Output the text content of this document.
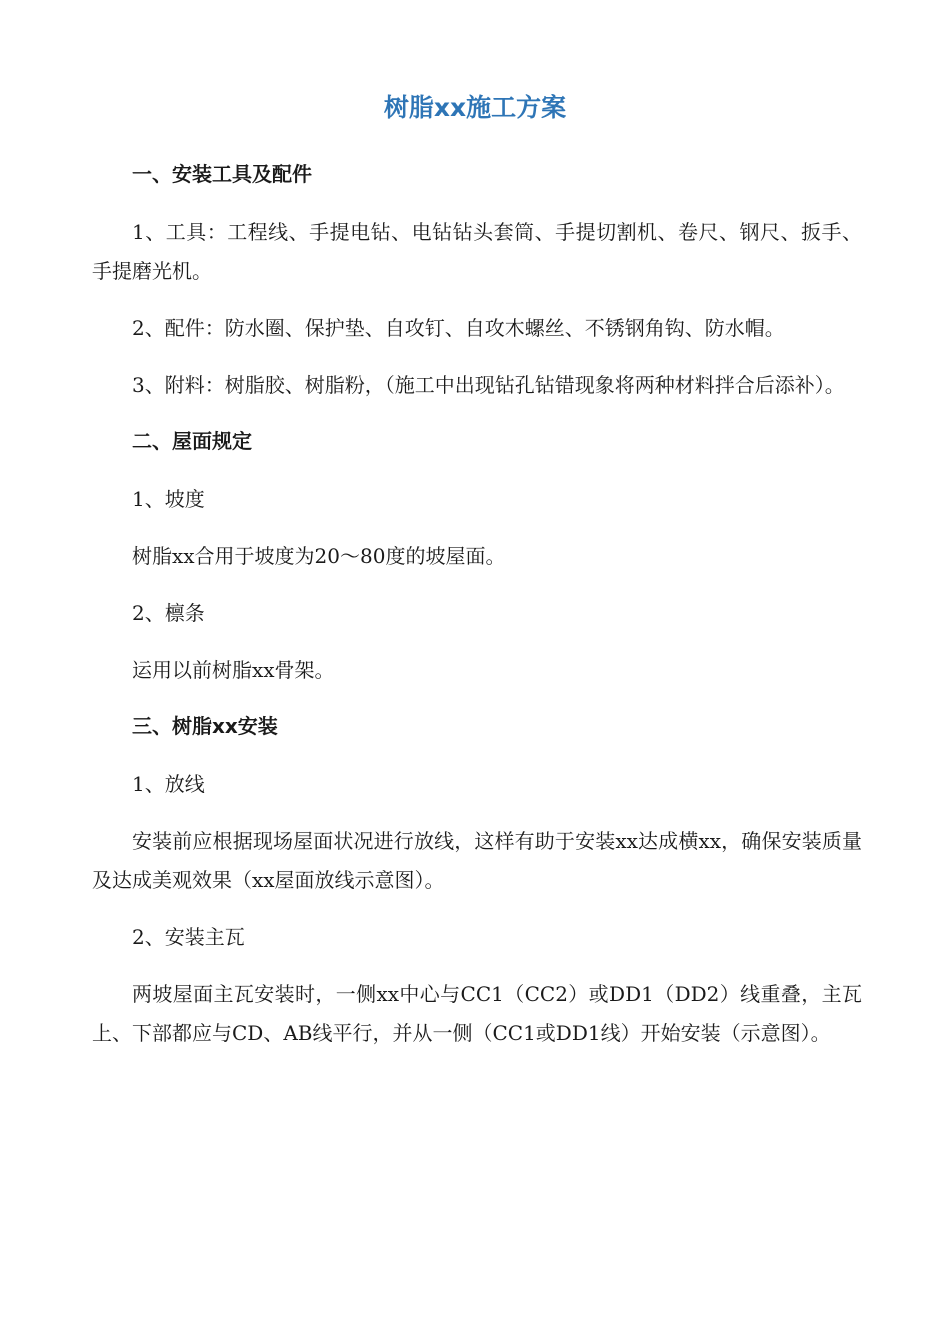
树脂xx施工方案
一、安装工具及配件
1、工具：工程线、手提电钻、电钻钻头套筒、手提切割机、卷尺、钢尺、扳手、手提磨光机。
2、配件：防水圈、保护垫、自攻钉、自攻木螺丝、不锈钢角钩、防水帽。
3、附料：树脂胶、树脂粉，（施工中出现钻孔钻错现象将两种材料拌合后添补）。
二、屋面规定
1、坡度
树脂xx合用于坡度为20～80度的坡屋面。
2、檩条
运用以前树脂xx骨架。
三、树脂xx安装
1、放线
安装前应根据现场屋面状况进行放线，这样有助于安装xx达成横xx，确保安装质量及达成美观效果（xx屋面放线示意图）。
2、安装主瓦
两坡屋面主瓦安装时，一侧xx中心与CC1（CC2）或DD1（DD2）线重叠，主瓦上、下部都应与CD、AB线平行，并从一侧（CC1或DD1线）开始安装（示意图）。
